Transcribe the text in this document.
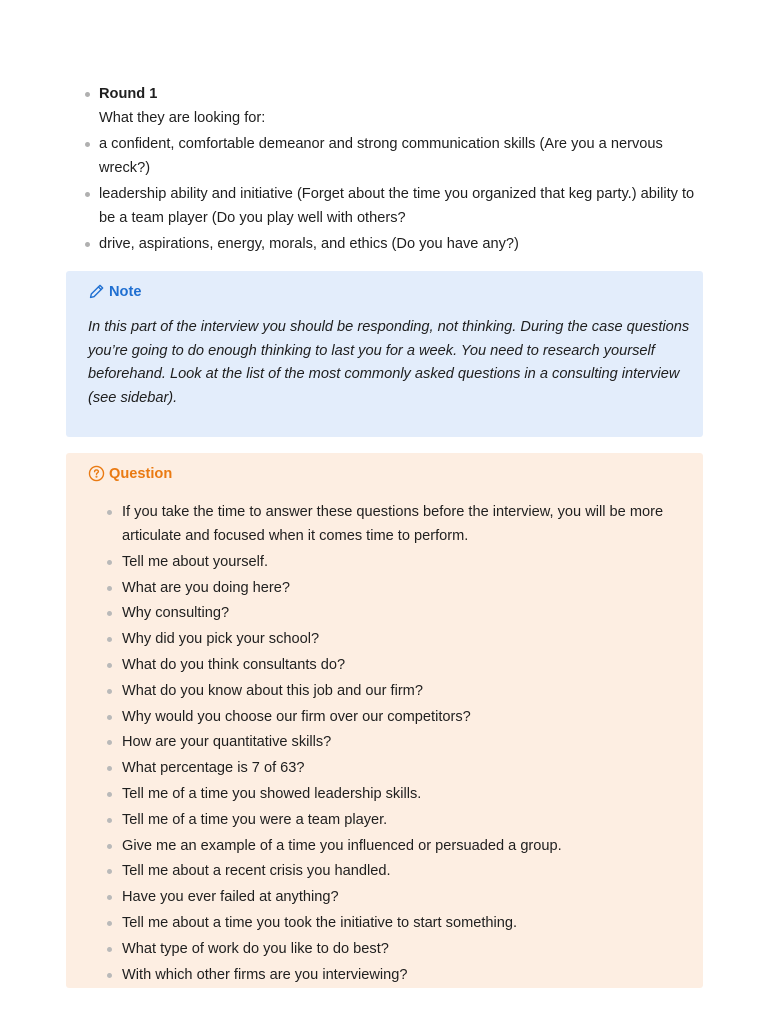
Round 1
What they are looking for:
a confident, comfortable demeanor and strong communication skills (Are you a nervous wreck?)
leadership ability and initiative (Forget about the time you organized that keg party.) ability to be a team player (Do you play well with others?
drive, aspirations, energy, morals, and ethics (Do you have any?)
Note

In this part of the interview you should be responding, not thinking. During the case questions you’re going to do enough thinking to last you for a week. You need to research yourself beforehand. Look at the list of the most commonly asked questions in a consulting interview (see sidebar).

Question
If you take the time to answer these questions before the interview, you will be more articulate and focused when it comes time to perform.
Tell me about yourself.
What are you doing here?
Why consulting?
Why did you pick your school?
What do you think consultants do?
What do you know about this job and our firm?
Why would you choose our firm over our competitors?
How are your quantitative skills?
What percentage is 7 of 63?
Tell me of a time you showed leadership skills.
Tell me of a time you were a team player.
Give me an example of a time you influenced or persuaded a group.
Tell me about a recent crisis you handled.
Have you ever failed at anything?
Tell me about a time you took the initiative to start something.
What type of work do you like to do best?
With which other firms are you interviewing?
